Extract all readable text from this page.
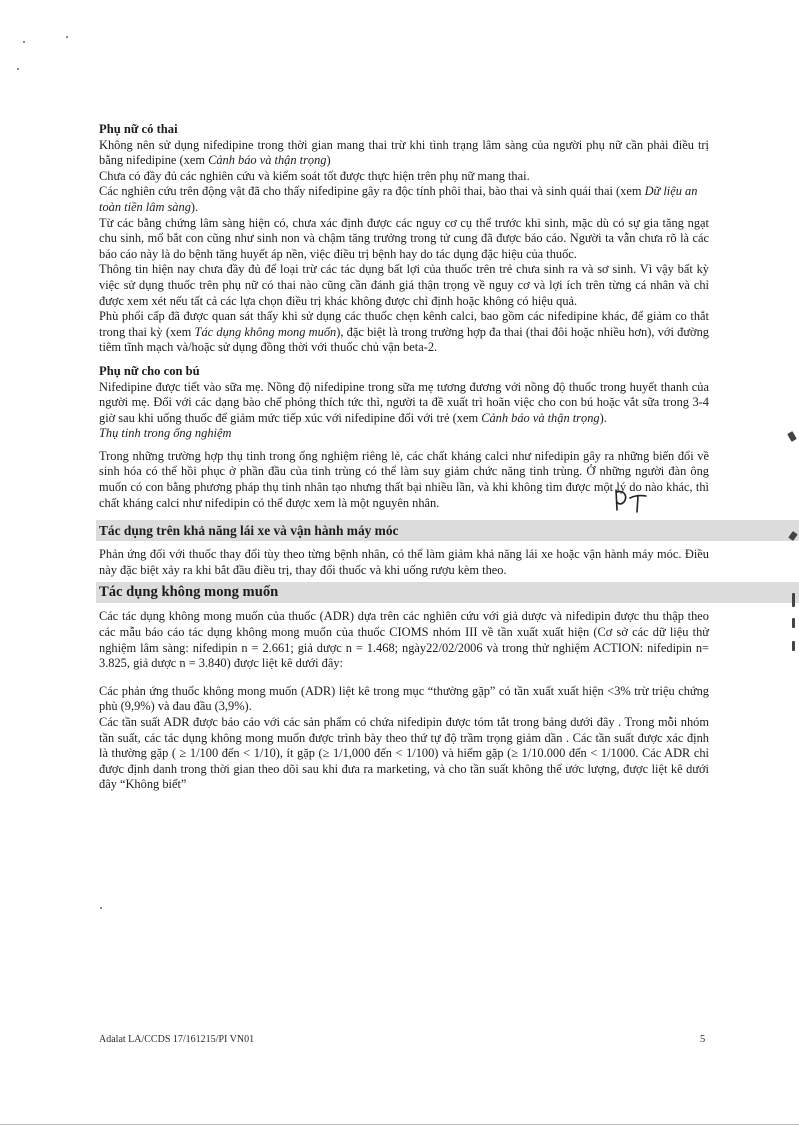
Phụ nữ có thai

Không nên sử dụng nifedipine trong thời gian mang thai trừ khi tình trạng lâm sàng của người phụ nữ cần phải điều trị bằng nifedipine (xem Cảnh báo và thận trọng)

Chưa có đầy đủ các nghiên cứu và kiểm soát tốt được thực hiện trên phụ nữ mang thai.

Các nghiên cứu trên động vật đã cho thấy nifedipine gây ra độc tính phôi thai, bào thai và sinh quái thai (xem Dữ liệu an toàn tiền lâm sàng).

Từ các bằng chứng lâm sàng hiện có, chưa xác định được các nguy cơ cụ thể trước khi sinh, mặc dù có sự gia tăng ngạt chu sinh, mổ bắt con cũng như sinh non và chậm tăng trưởng trong tử cung đã được báo cáo. Người ta vẫn chưa rõ là các báo cáo này là do bệnh tăng huyết áp nền, việc điều trị bệnh hay do tác dụng đặc hiệu của thuốc.

Thông tin hiện nay chưa đầy đủ để loại trừ các tác dụng bất lợi của thuốc trên trẻ chưa sinh ra và sơ sinh. Vì vậy bất kỳ việc sử dụng thuốc trên phụ nữ có thai nào cũng cần đánh giá thận trọng về nguy cơ và lợi ích trên từng cá nhân và chỉ được xem xét nếu tất cả các lựa chọn điều trị khác không được chỉ định hoặc không có hiệu quả.

Phù phổi cấp đã được quan sát thấy khi sử dụng các thuốc chẹn kênh calci, bao gồm các nifedipine khác, để giảm co thắt trong thai kỳ (xem Tác dụng không mong muốn), đặc biệt là trong trường hợp đa thai (thai đôi hoặc nhiều hơn), với đường tiêm tĩnh mạch và/hoặc sử dụng đồng thời với thuốc chủ vận beta-2.

Phụ nữ cho con bú

Nifedipine được tiết vào sữa mẹ. Nồng độ nifedipine trong sữa mẹ tương đương với nồng độ thuốc trong huyết thanh của người mẹ. Đối với các dạng bào chế phóng thích tức thì, người ta đề xuất trì hoãn việc cho con bú hoặc vắt sữa trong 3-4 giờ sau khi uống thuốc để giảm mức tiếp xúc với nifedipine đối với trẻ (xem Cảnh báo và thận trọng).

Thụ tinh trong ống nghiệm

Trong những trường hợp thụ tinh trong ống nghiệm riêng lẻ, các chất kháng calci như nifedipin gây ra những biến đổi về sinh hóa có thể hồi phục ở phần đầu của tinh trùng có thể làm suy giảm chức năng tinh trùng. Ở những người đàn ông muốn có con bằng phương pháp thụ tinh nhân tạo nhưng thất bại nhiều lần, và khi không tìm được một lý do nào khác, thì chất kháng calci như nifedipin có thể được xem là một nguyên nhân.

Tác dụng trên khả năng lái xe và vận hành máy móc

Phản ứng đối với thuốc thay đổi tùy theo từng bệnh nhân, có thể làm giảm khả năng lái xe hoặc vận hành máy móc. Điều này đặc biệt xảy ra khi bắt đầu điều trị, thay đổi thuốc và khi uống rượu kèm theo.

Tác dụng không mong muốn

Các tác dụng không mong muốn của thuốc (ADR) dựa trên các nghiên cứu với giả dược và nifedipin được thu thập theo các mẫu báo cáo tác dụng không mong muốn của thuốc CIOMS nhóm III về tần xuất xuất hiện (Cơ sở các dữ liệu thử nghiệm lâm sàng: nifedipin n = 2.661; giả dược n = 1.468; ngày22/02/2006 và trong thử nghiệm ACTION: nifedipin n= 3.825, giả dược n = 3.840) được liệt kê dưới đây:

Các phản ứng thuốc không mong muốn (ADR) liệt kê trong mục “thường gặp” có tần xuất xuất hiện <3% trừ triệu chứng phù (9,9%) và đau đầu (3,9%).

Các tần suất ADR được báo cáo với các sản phẩm có chứa nifedipin được tóm tắt trong bảng dưới đây . Trong mỗi nhóm tần suất, các tác dụng không mong muốn được trình bày theo thứ tự độ trầm trọng giảm dần . Các tần suất được xác định là thường gặp ( ≥ 1/100 đến < 1/10), ít gặp (≥ 1/1,000 đến < 1/100) và hiếm gặp (≥ 1/10.000 đến < 1/1000. Các ADR chỉ được định danh trong thời gian theo dõi sau khi đưa ra marketing, và cho tần suất không thể ước lượng, được liệt kê dưới đây “Không biết”

Adalat LA/CCDS 17/161215/PI VN01	5
